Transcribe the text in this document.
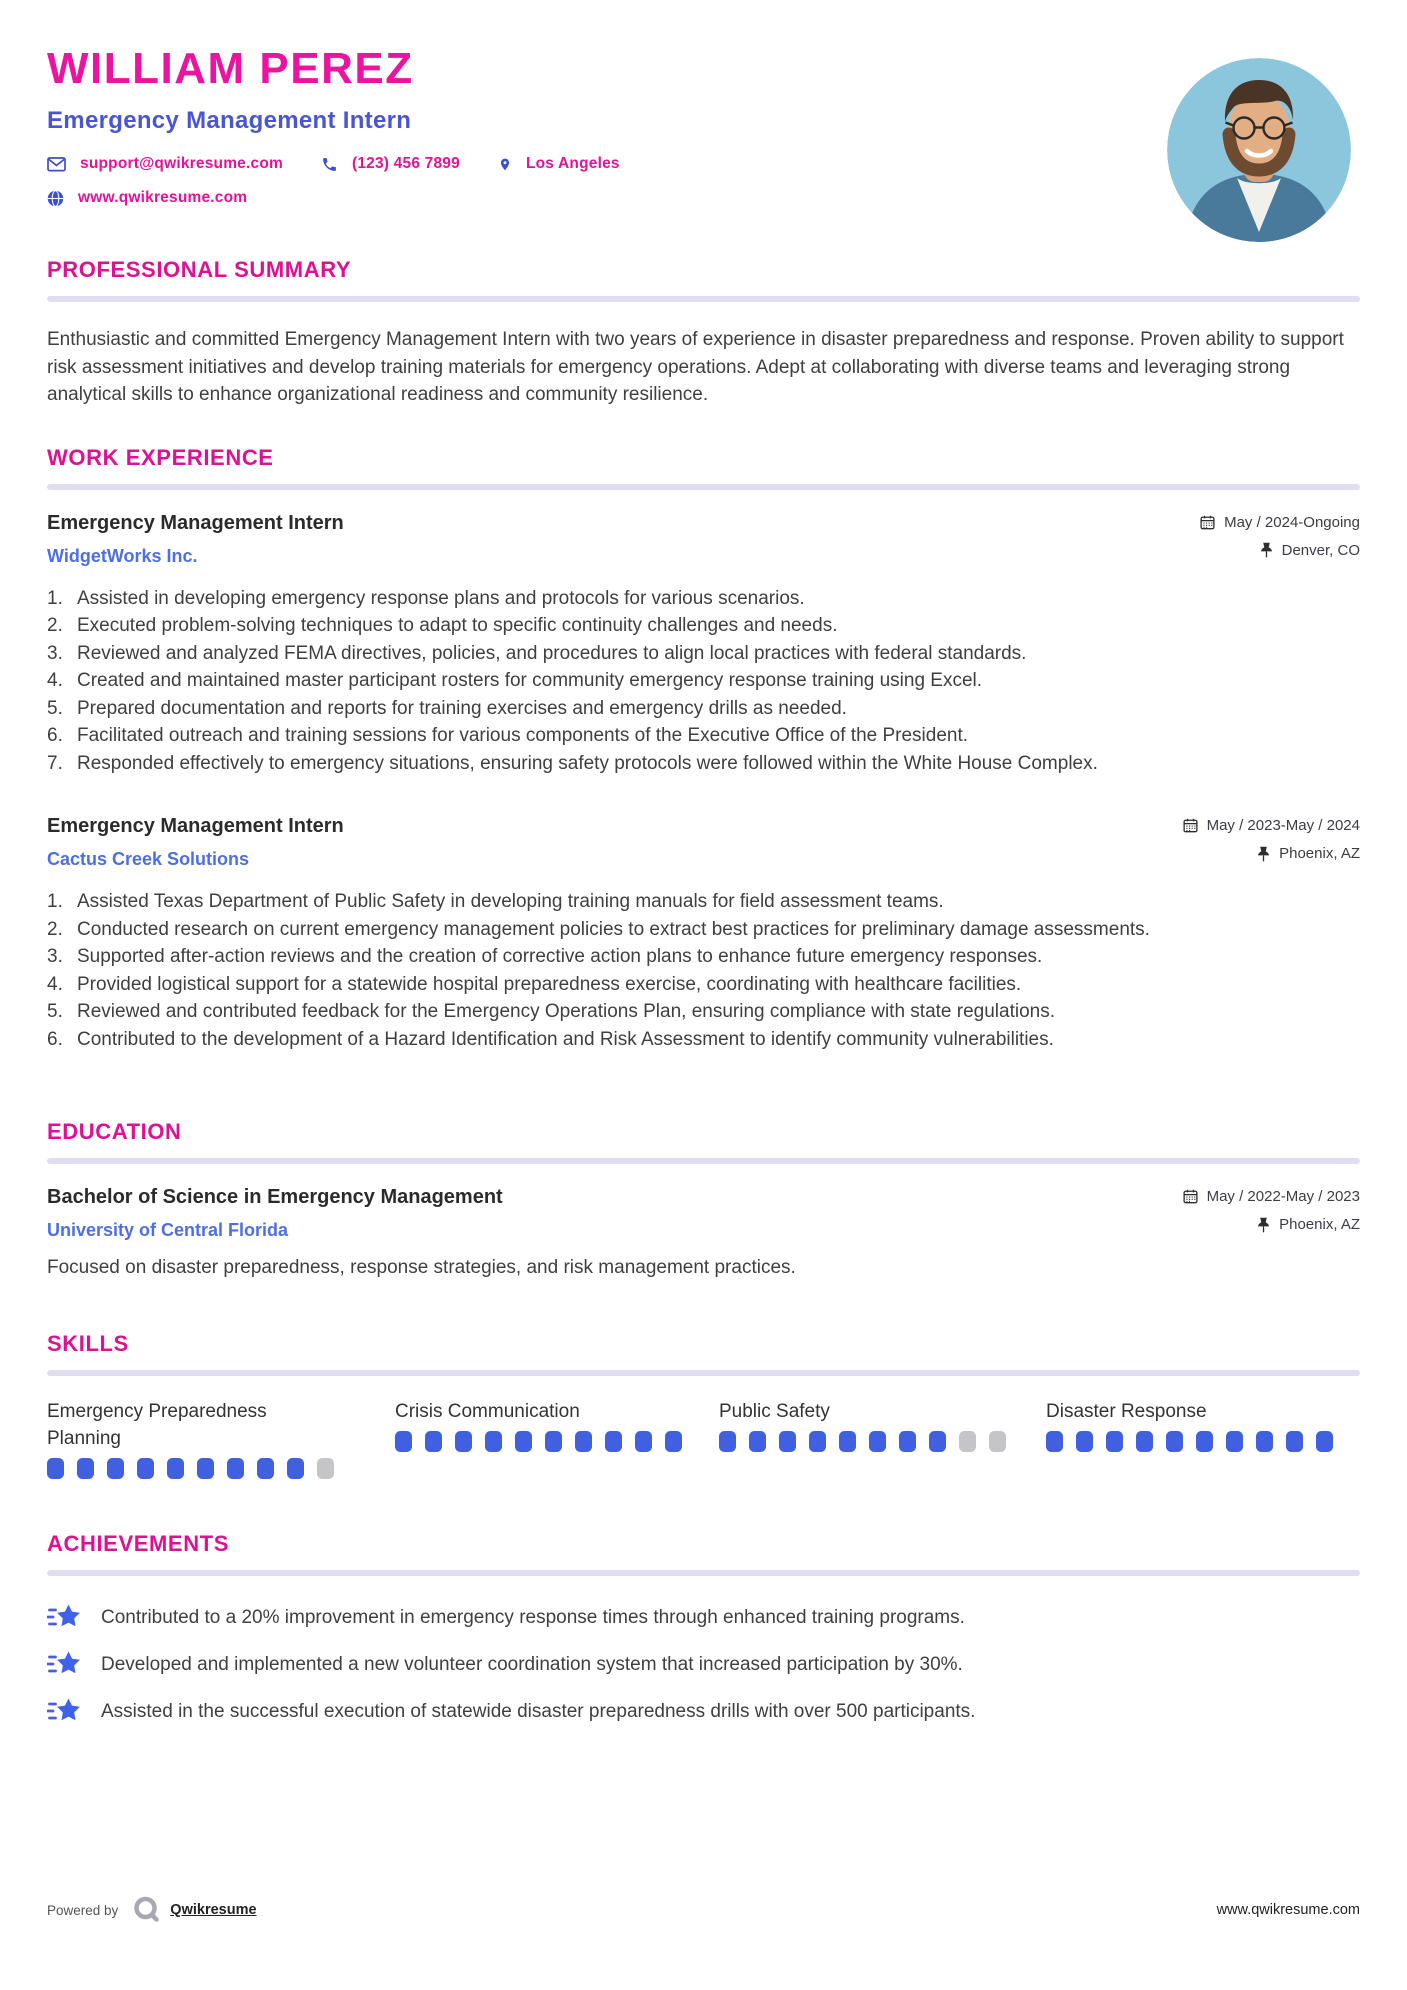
WILLIAM PEREZ
Emergency Management Intern
support@qwikresume.com	(123) 456 7899	Los Angeles
www.qwikresume.com
PROFESSIONAL SUMMARY

Enthusiastic and committed Emergency Management Intern with two years of experience in disaster preparedness and response. Proven ability to support risk assessment initiatives and develop training materials for emergency operations. Adept at collaborating with diverse teams and leveraging strong analytical skills to enhance organizational readiness and community resilience.

WORK EXPERIENCE
Emergency Management Intern
WidgetWorks Inc.
May / 2024-Ongoing
Denver, CO
Assisted in developing emergency response plans and protocols for various scenarios.
Executed problem-solving techniques to adapt to specific continuity challenges and needs.
Reviewed and analyzed FEMA directives, policies, and procedures to align local practices with federal standards.
Created and maintained master participant rosters for community emergency response training using Excel.
Prepared documentation and reports for training exercises and emergency drills as needed.
Facilitated outreach and training sessions for various components of the Executive Office of the President.
Responded effectively to emergency situations, ensuring safety protocols were followed within the White House Complex.
Emergency Management Intern
Cactus Creek Solutions
May / 2023-May / 2024
Phoenix, AZ
Assisted Texas Department of Public Safety in developing training manuals for field assessment teams.
Conducted research on current emergency management policies to extract best practices for preliminary damage assessments.
Supported after-action reviews and the creation of corrective action plans to enhance future emergency responses.
Provided logistical support for a statewide hospital preparedness exercise, coordinating with healthcare facilities.
Reviewed and contributed feedback for the Emergency Operations Plan, ensuring compliance with state regulations.
Contributed to the development of a Hazard Identification and Risk Assessment to identify community vulnerabilities.
EDUCATION
Bachelor of Science in Emergency Management
University of Central Florida
May / 2022-May / 2023
Phoenix, AZ
Focused on disaster preparedness, response strategies, and risk management practices.
SKILLS
Emergency Preparedness Planning
Crisis Communication	Public Safety	Disaster Response
ACHIEVEMENTS
Contributed to a 20% improvement in emergency response times through enhanced training programs.
Developed and implemented a new volunteer coordination system that increased participation by 30%.
Assisted in the successful execution of statewide disaster preparedness drills with over 500 participants.
Powered by	Qwikresume	www.qwikresume.com
